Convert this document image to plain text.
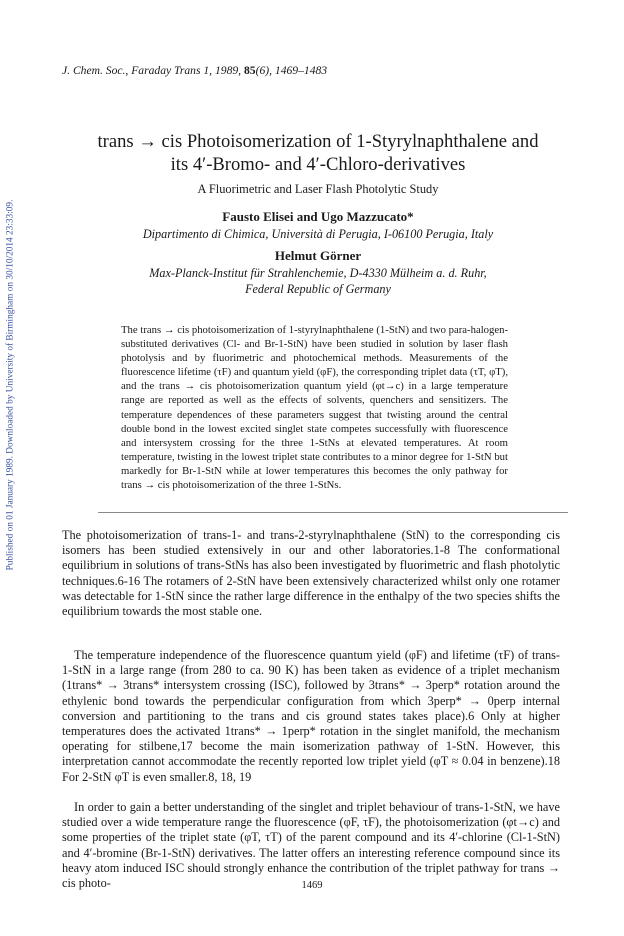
Published on 01 January 1989. Downloaded by University of Birmingham on 30/10/2014 23:33:09.
J. Chem. Soc., Faraday Trans 1, 1989, 85(6), 1469–1483
trans → cis Photoisomerization of 1-Styrylnaphthalene and
its 4′-Bromo- and 4′-Chloro-derivatives
A Fluorimetric and Laser Flash Photolytic Study
Fausto Elisei and Ugo Mazzucato*
Dipartimento di Chimica, Università di Perugia, I-06100 Perugia, Italy
Helmut Görner
Max-Planck-Institut für Strahlenchemie, D-4330 Mülheim a. d. Ruhr,
Federal Republic of Germany

The trans → cis photoisomerization of 1-styrylnaphthalene (1-StN) and two para-halogen-substituted derivatives (Cl- and Br-1-StN) have been studied in solution by laser flash photolysis and by fluorimetric and photochemical methods. Measurements of the fluorescence lifetime (τF) and quantum yield (φF), the corresponding triplet data (τT, φT), and the trans → cis photoisomerization quantum yield (φt→c) in a large temperature range are reported as well as the effects of solvents, quenchers and sensitizers. The temperature dependences of these parameters suggest that twisting around the central double bond in the lowest excited singlet state competes successfully with fluorescence and intersystem crossing for the three 1-StNs at elevated temperatures. At room temperature, twisting in the lowest triplet state contributes to a minor degree for 1-StN but markedly for Br-1-StN while at lower temperatures this becomes the only pathway for trans → cis photoisomerization of the three 1-StNs.

The photoisomerization of trans-1- and trans-2-styrylnaphthalene (StN) to the corresponding cis isomers has been studied extensively in our and other laboratories.1-8 The conformational equilibrium in solutions of trans-StNs has also been investigated by fluorimetric and flash photolytic techniques.6-16 The rotamers of 2-StN have been extensively characterized whilst only one rotamer was detectable for 1-StN since the rather large difference in the enthalpy of the two species shifts the equilibrium towards the most stable one.

The temperature independence of the fluorescence quantum yield (φF) and lifetime (τF) of trans-1-StN in a large range (from 280 to ca. 90 K) has been taken as evidence of a triplet mechanism (1trans* → 3trans* intersystem crossing (ISC), followed by 3trans* → 3perp* rotation around the ethylenic bond towards the perpendicular configuration from which 3perp* → 0perp internal conversion and partitioning to the trans and cis ground states takes place).6 Only at higher temperatures does the activated 1trans* → 1perp* rotation in the singlet manifold, the mechanism operating for stilbene,17 become the main isomerization pathway of 1-StN. However, this interpretation cannot accommodate the recently reported low triplet yield (φT ≈ 0.04 in benzene).18 For 2-StN φT is even smaller.8, 18, 19

In order to gain a better understanding of the singlet and triplet behaviour of trans-1-StN, we have studied over a wide temperature range the fluorescence (φF, τF), the photoisomerization (φt→c) and some properties of the triplet state (φT, τT) of the parent compound and its 4′-chlorine (Cl-1-StN) and 4′-bromine (Br-1-StN) derivatives. The latter offers an interesting reference compound since its heavy atom induced ISC should strongly enhance the contribution of the triplet pathway for trans → cis photo-	1469
